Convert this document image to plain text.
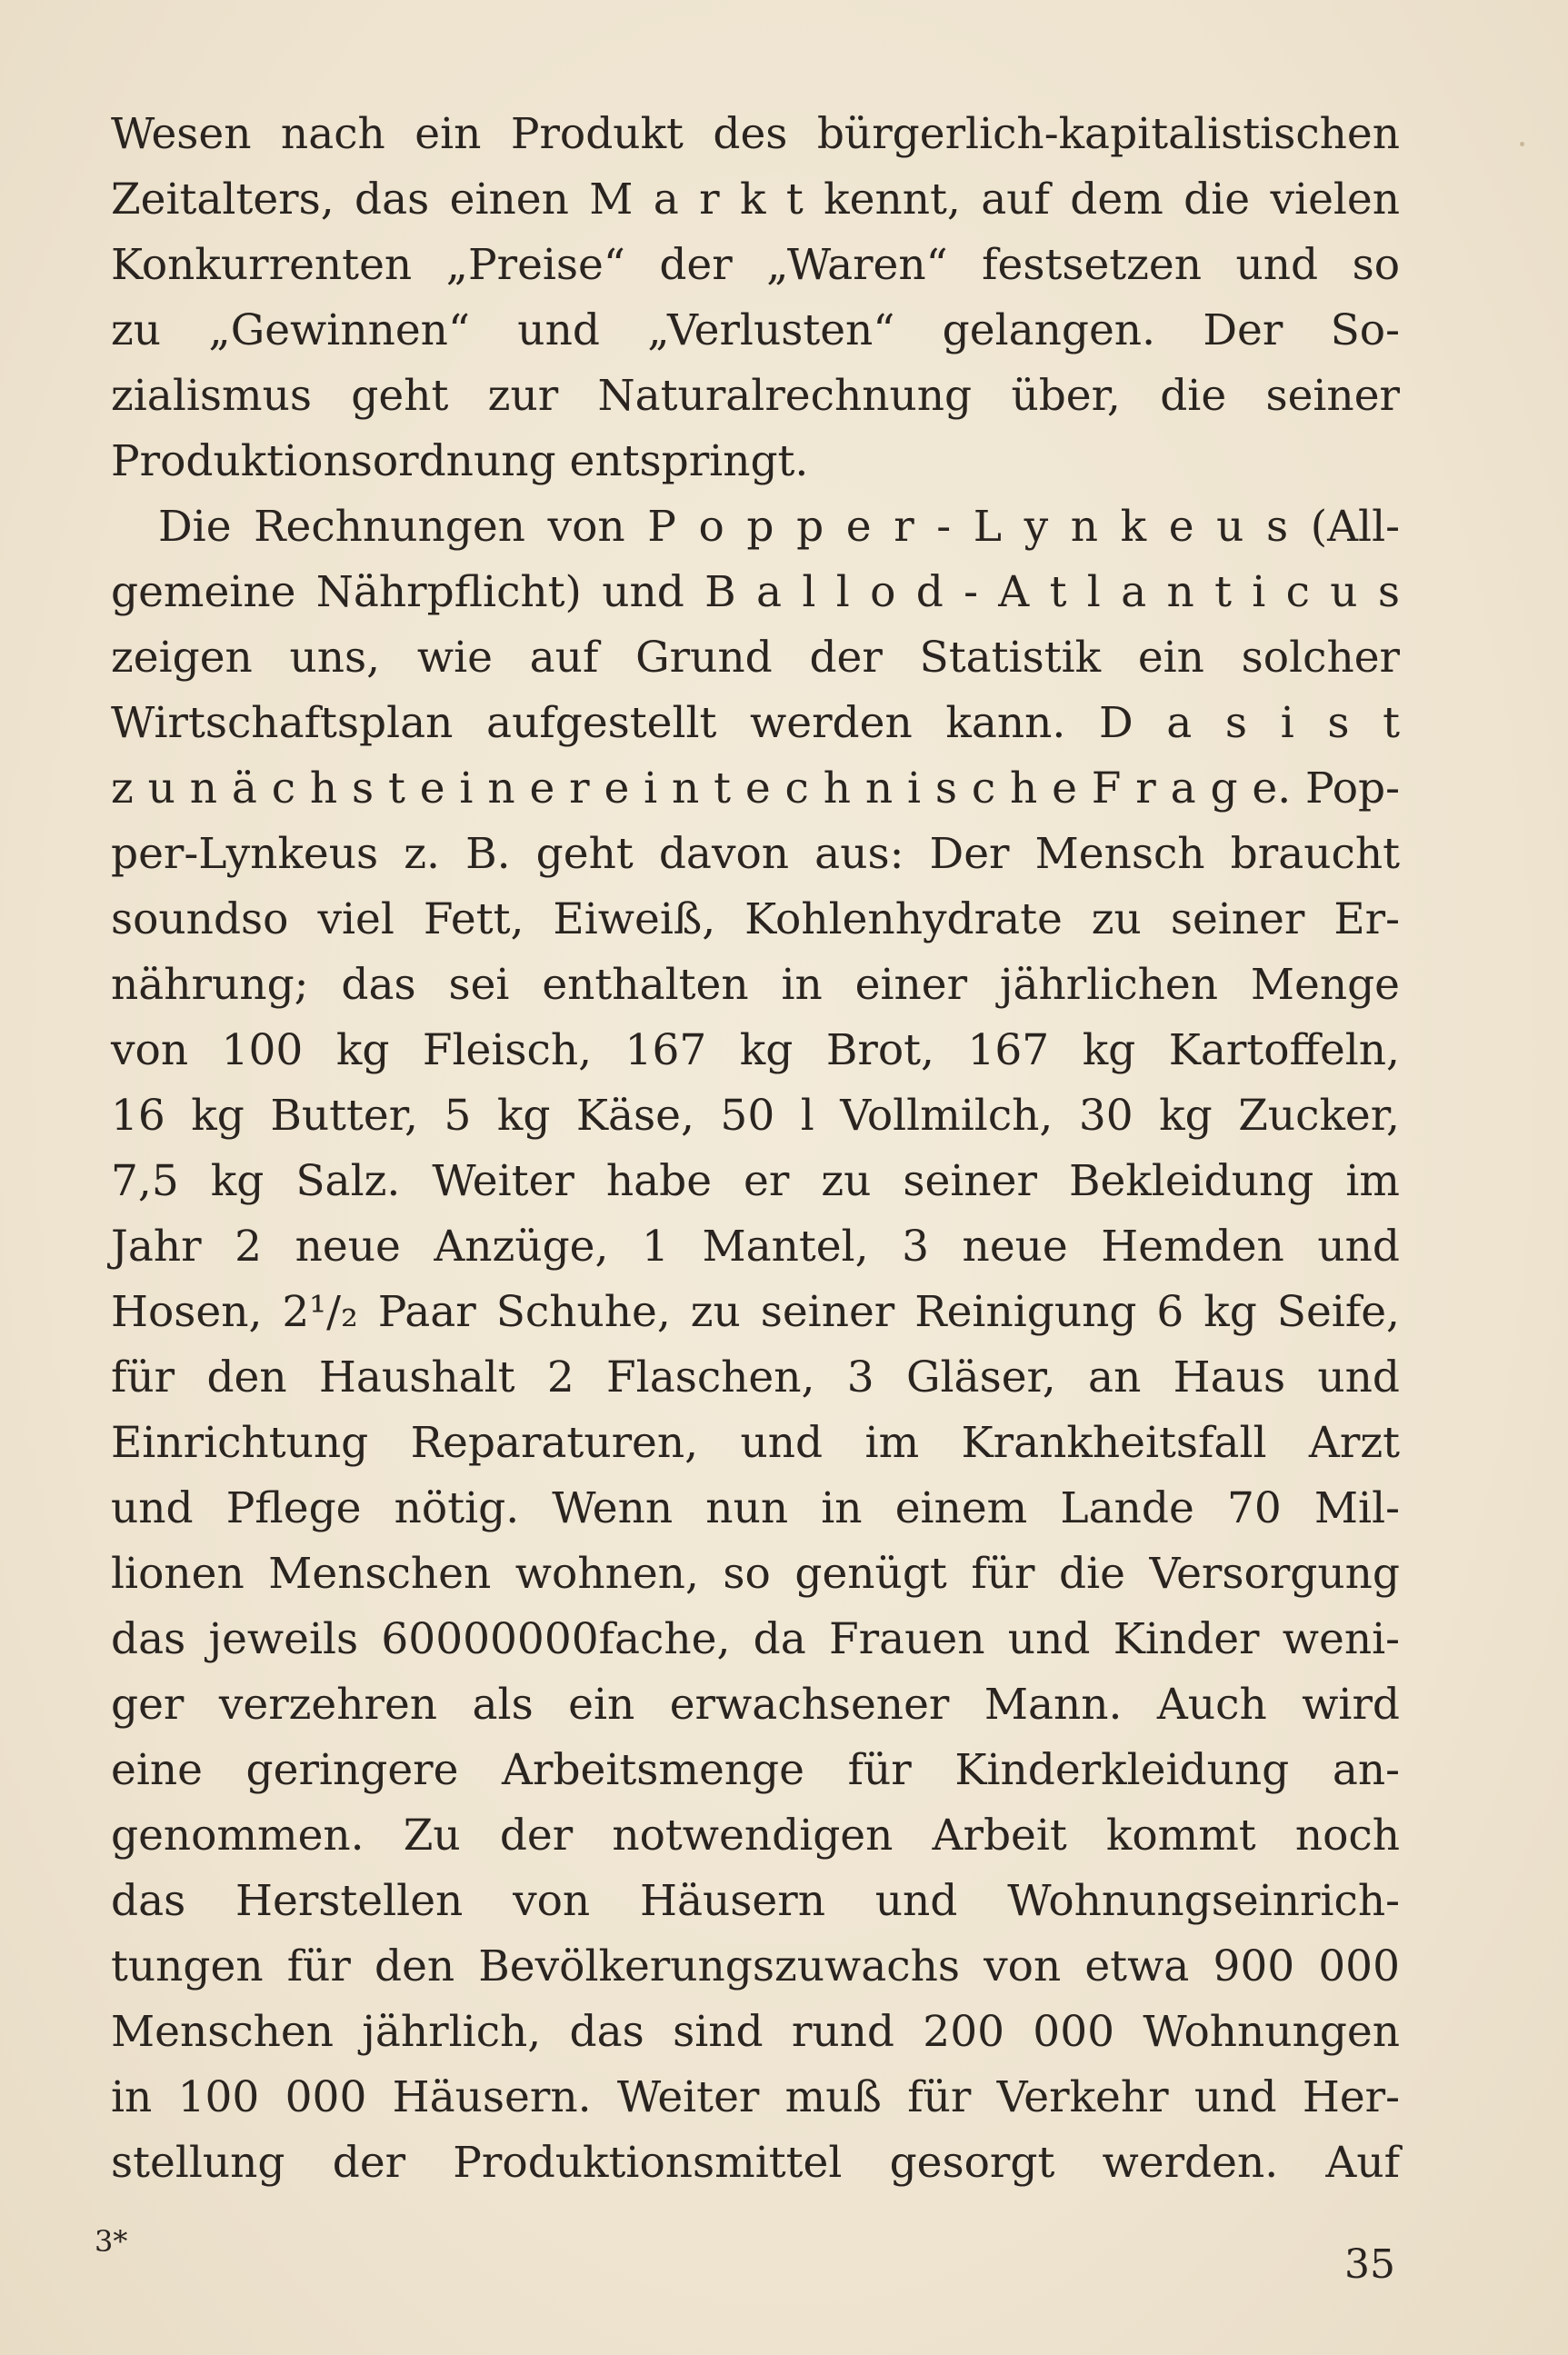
Wesen nach ein Produkt des bürgerlich-kapitalistischen
Zeitalters, das einen M a r k t kennt, auf dem die vielen
Konkurrenten „Preise“ der „Waren“ festsetzen und so
zu „Gewinnen“ und „Verlusten“ gelangen. Der So-
zialismus geht zur Naturalrechnung über, die seiner
Produktionsordnung entspringt.
Die Rechnungen von P o p p e r - L y n k e u s (All-
gemeine Nährpflicht) und B a l l o d - A t l a n t i c u s
zeigen uns, wie auf Grund der Statistik ein solcher
Wirtschaftsplan aufgestellt werden kann. D a s i s t
z u n ä c h s t e i n e r e i n t e c h n i s c h e F r a g e. Pop-
per-Lynkeus z. B. geht davon aus: Der Mensch braucht
soundso viel Fett, Eiweiß, Kohlenhydrate zu seiner Er-
nährung; das sei enthalten in einer jährlichen Menge
von 100 kg Fleisch, 167 kg Brot, 167 kg Kartoffeln,
16 kg Butter, 5 kg Käse, 50 l Vollmilch, 30 kg Zucker,
7,5 kg Salz. Weiter habe er zu seiner Bekleidung im
Jahr 2 neue Anzüge, 1 Mantel, 3 neue Hemden und
Hosen, 2¹/₂ Paar Schuhe, zu seiner Reinigung 6 kg Seife,
für den Haushalt 2 Flaschen, 3 Gläser, an Haus und
Einrichtung Reparaturen, und im Krankheitsfall Arzt
und Pflege nötig. Wenn nun in einem Lande 70 Mil-
lionen Menschen wohnen, so genügt für die Versorgung
das jeweils 60000000fache, da Frauen und Kinder weni-
ger verzehren als ein erwachsener Mann. Auch wird
eine geringere Arbeitsmenge für Kinderkleidung an-
genommen. Zu der notwendigen Arbeit kommt noch
das Herstellen von Häusern und Wohnungseinrich-
tungen für den Bevölkerungszuwachs von etwa 900 000
Menschen jährlich, das sind rund 200 000 Wohnungen
in 100 000 Häusern. Weiter muß für Verkehr und Her-
stellung der Produktionsmittel gesorgt werden. Auf
3*	35
